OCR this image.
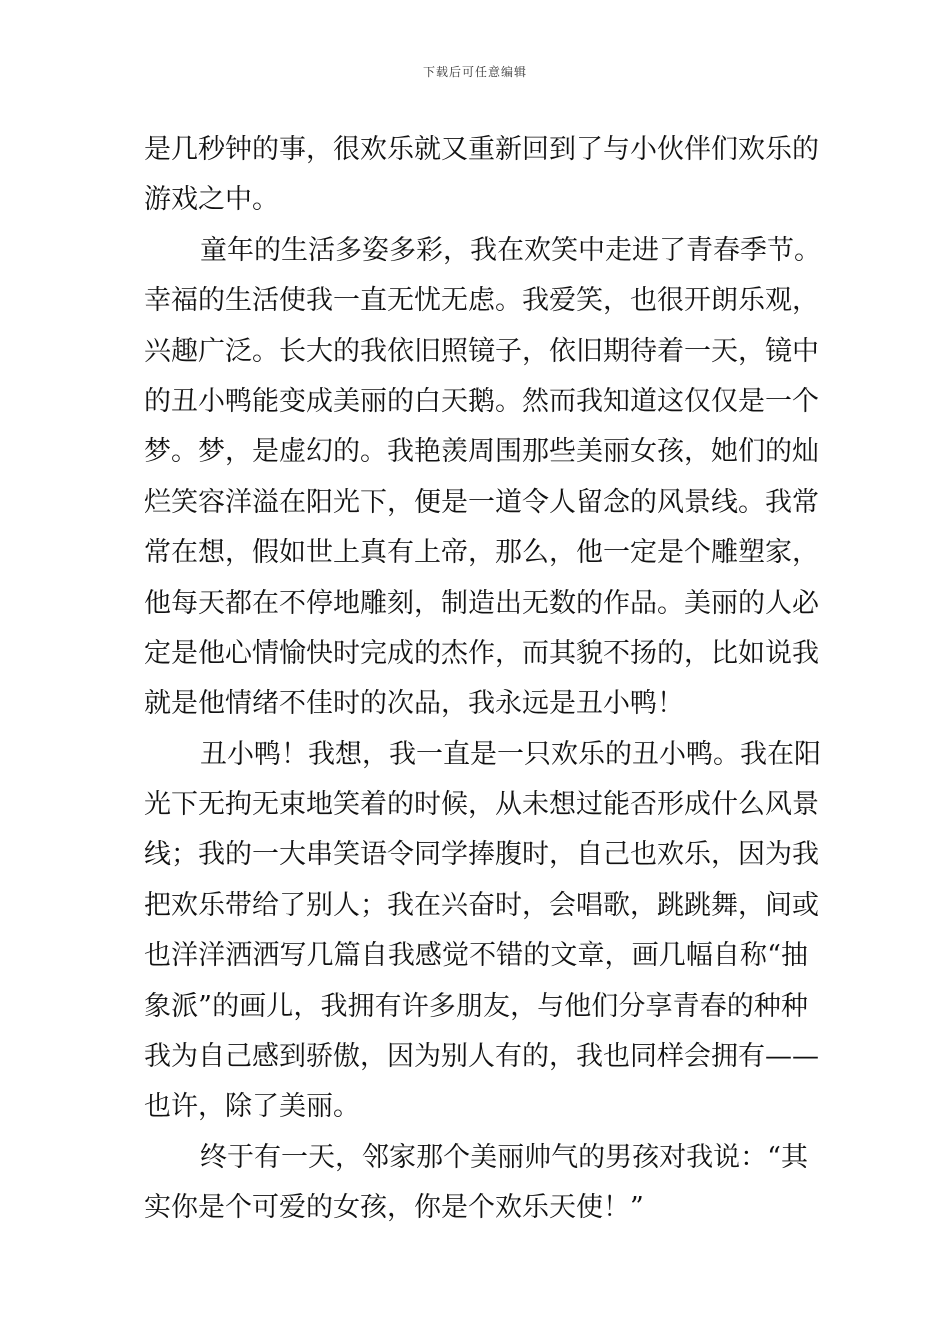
下载后可任意编辑
是几秒钟的事，很欢乐就又重新回到了与小伙伴们欢乐的
游戏之中。
童年的生活多姿多彩，我在欢笑中走进了青春季节。
幸福的生活使我一直无忧无虑。我爱笑，也很开朗乐观，
兴趣广泛。长大的我依旧照镜子，依旧期待着一天，镜中
的丑小鸭能变成美丽的白天鹅。然而我知道这仅仅是一个
梦。梦，是虚幻的。我艳羡周围那些美丽女孩，她们的灿
烂笑容洋溢在阳光下，便是一道令人留念的风景线。我常
常在想，假如世上真有上帝，那么，他一定是个雕塑家，
他每天都在不停地雕刻，制造出无数的作品。美丽的人必
定是他心情愉快时完成的杰作，而其貌不扬的，比如说我
就是他情绪不佳时的次品，我永远是丑小鸭！
丑小鸭！我想，我一直是一只欢乐的丑小鸭。我在阳
光下无拘无束地笑着的时候，从未想过能否形成什么风景
线；我的一大串笑语令同学捧腹时，自己也欢乐，因为我
把欢乐带给了别人；我在兴奋时，会唱歌，跳跳舞，间或
也洋洋洒洒写几篇自我感觉不错的文章，画几幅自称“抽
象派”的画儿，我拥有许多朋友，与他们分享青春的种种
我为自己感到骄傲，因为别人有的，我也同样会拥有——
也许，除了美丽。
终于有一天，邻家那个美丽帅气的男孩对我说：“其
实你是个可爱的女孩，你是个欢乐天使！”
